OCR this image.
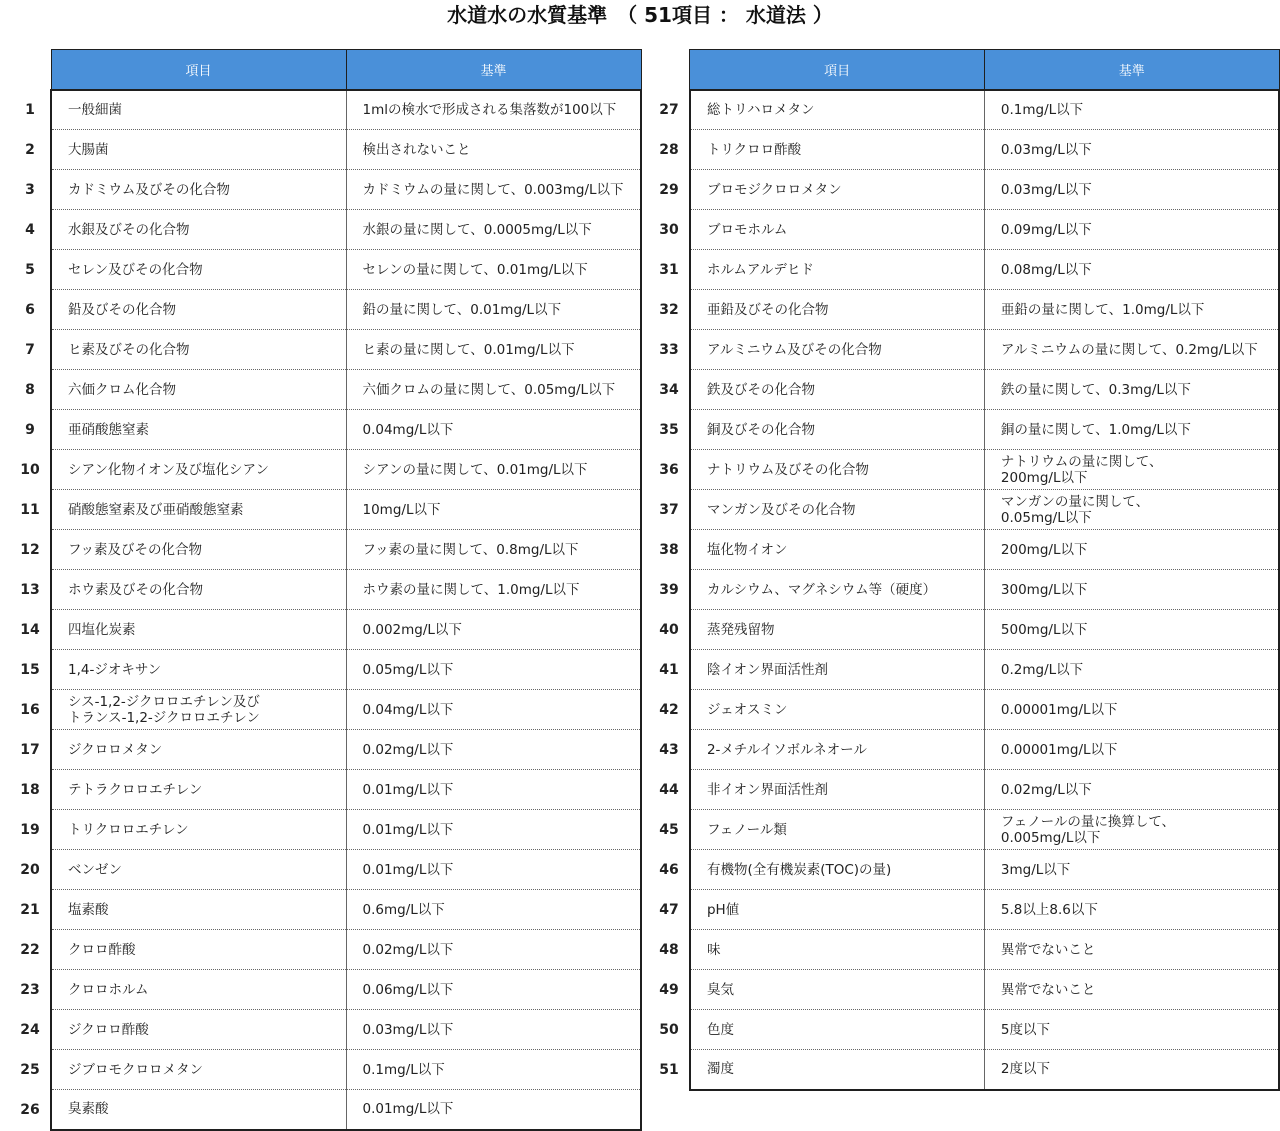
水道水の水質基準　（ 51項目 ： 水道法 ）
	項目	基準
1	一般細菌	1mlの検水で形成される集落数が100以下
2	大腸菌	検出されないこと
3	カドミウム及びその化合物	カドミウムの量に関して、0.003mg/L以下
4	水銀及びその化合物	水銀の量に関して、0.0005mg/L以下
5	セレン及びその化合物	セレンの量に関して、0.01mg/L以下
6	鉛及びその化合物	鉛の量に関して、0.01mg/L以下
7	ヒ素及びその化合物	ヒ素の量に関して、0.01mg/L以下
8	六価クロム化合物	六価クロムの量に関して、0.05mg/L以下
9	亜硝酸態窒素	0.04mg/L以下
10	シアン化物イオン及び塩化シアン	シアンの量に関して、0.01mg/L以下
11	硝酸態窒素及び亜硝酸態窒素	10mg/L以下
12	フッ素及びその化合物	フッ素の量に関して、0.8mg/L以下
13	ホウ素及びその化合物	ホウ素の量に関して、1.0mg/L以下
14	四塩化炭素	0.002mg/L以下
15	1,4-ジオキサン	0.05mg/L以下
16	シス-1,2-ジクロロエチレン及び
トランス-1,2-ジクロロエチレン	0.04mg/L以下
17	ジクロロメタン	0.02mg/L以下
18	テトラクロロエチレン	0.01mg/L以下
19	トリクロロエチレン	0.01mg/L以下
20	ベンゼン	0.01mg/L以下
21	塩素酸	0.6mg/L以下
22	クロロ酢酸	0.02mg/L以下
23	クロロホルム	0.06mg/L以下
24	ジクロロ酢酸	0.03mg/L以下
25	ジブロモクロロメタン	0.1mg/L以下
26	臭素酸	0.01mg/L以下
	項目	基準
27	総トリハロメタン	0.1mg/L以下
28	トリクロロ酢酸	0.03mg/L以下
29	ブロモジクロロメタン	0.03mg/L以下
30	ブロモホルム	0.09mg/L以下
31	ホルムアルデヒド	0.08mg/L以下
32	亜鉛及びその化合物	亜鉛の量に関して、1.0mg/L以下
33	アルミニウム及びその化合物	アルミニウムの量に関して、0.2mg/L以下
34	鉄及びその化合物	鉄の量に関して、0.3mg/L以下
35	銅及びその化合物	銅の量に関して、1.0mg/L以下
36	ナトリウム及びその化合物	ナトリウムの量に関して、
200mg/L以下
37	マンガン及びその化合物	マンガンの量に関して、
0.05mg/L以下
38	塩化物イオン	200mg/L以下
39	カルシウム、マグネシウム等（硬度）	300mg/L以下
40	蒸発残留物	500mg/L以下
41	陰イオン界面活性剤	0.2mg/L以下
42	ジェオスミン	0.00001mg/L以下
43	2-メチルイソボルネオール	0.00001mg/L以下
44	非イオン界面活性剤	0.02mg/L以下
45	フェノール類	フェノールの量に換算して、
0.005mg/L以下
46	有機物(全有機炭素(TOC)の量)	3mg/L以下
47	pH値	5.8以上8.6以下
48	味	異常でないこと
49	臭気	異常でないこと
50	色度	5度以下
51	濁度	2度以下
